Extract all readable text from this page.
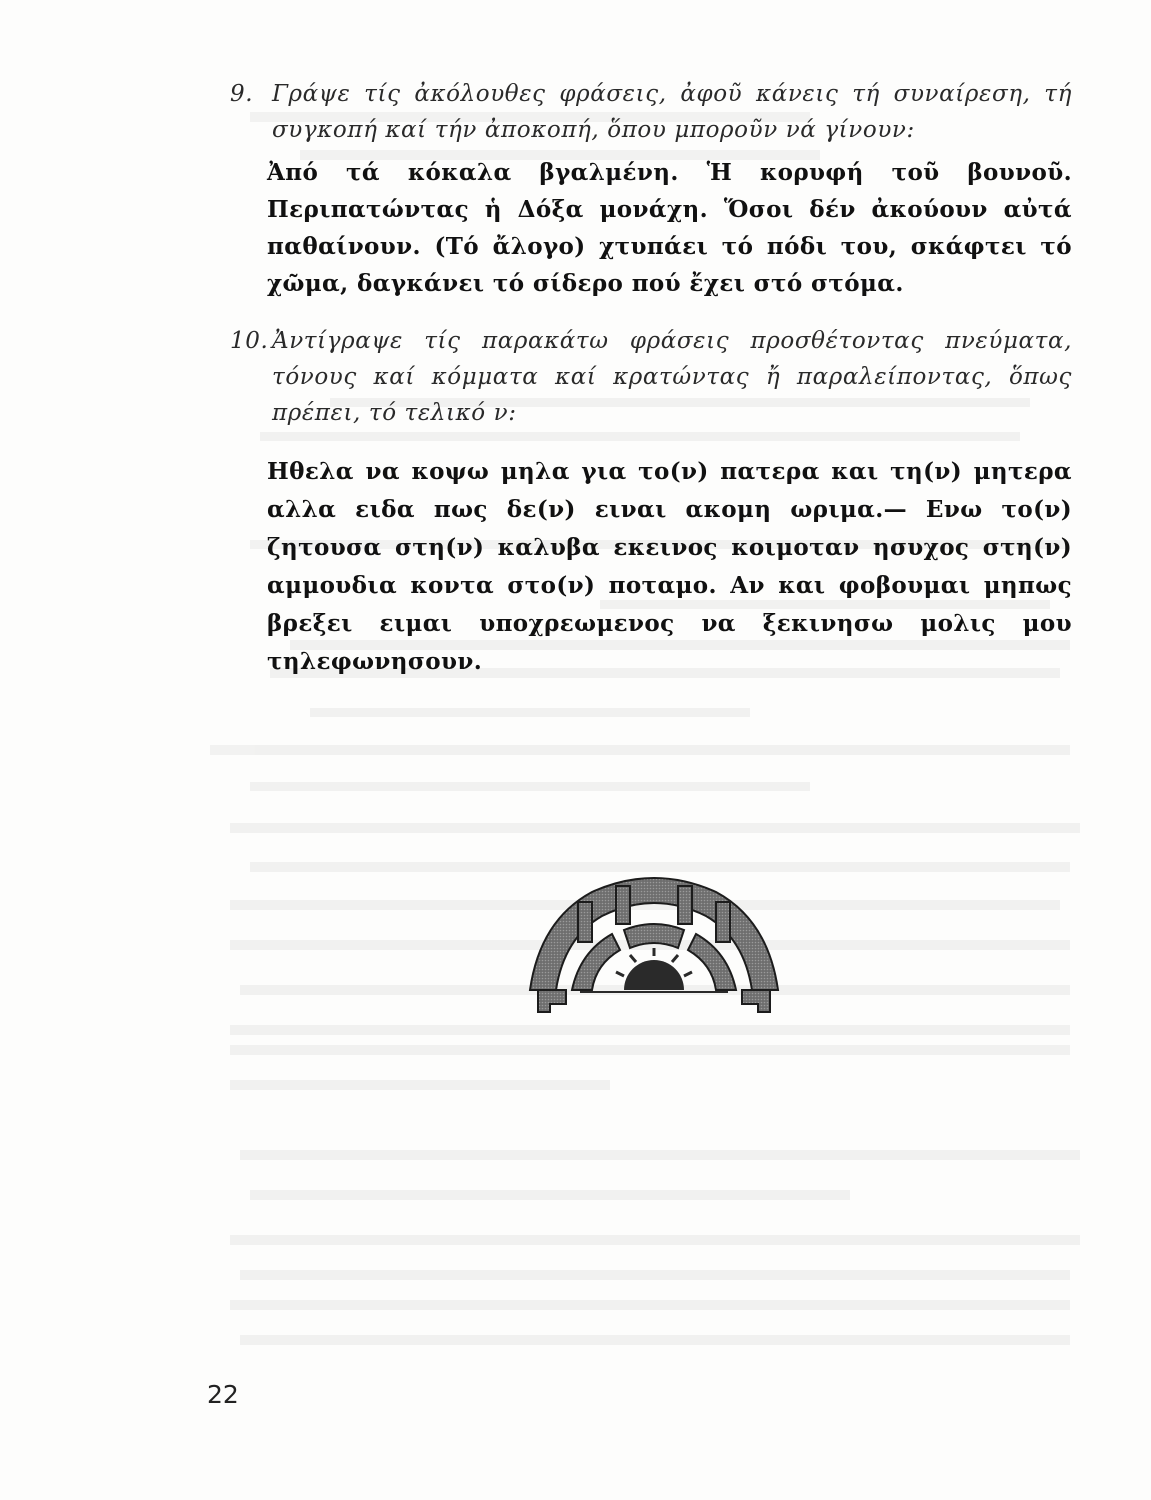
9. Γράψε τίς ἀκόλουθες φράσεις, ἀφοῦ κάνεις τή συναίρεση, τή συγκοπή καί τήν ἀποκοπή, ὅπου μποροῦν νά γίνουν:
Ἀπό τά κόκαλα βγαλμένη. Ἡ κορυφή τοῦ βουνοῦ. Περιπατώντας ἡ Δόξα μονάχη. Ὅσοι δέν ἀκούουν αὐτά παθαίνουν. (Τό ἄλογο) χτυπάει τό πόδι του, σκάφτει τό χῶμα, δαγκάνει τό σίδερο πού ἔχει στό στόμα.
10. Ἀντίγραψε τίς παρακάτω φράσεις προσθέτοντας πνεύματα, τόνους καί κόμματα καί κρατώντας ἤ παραλείποντας, ὅπως πρέπει, τό τελικό ν:
Ηθελα να κοψω μηλα για το(ν) πατερα και τη(ν) μητερα αλλα ειδα πως δε(ν) ειναι ακομη ωριμα.— Ενω το(ν) ζητουσα στη(ν) καλυβα εκεινος κοιμοταν ησυχος στη(ν) αμμουδια κοντα στο(ν) ποταμο. Αν και φοβουμαι μηπως βρεξει ειμαι υποχρεωμενος να ξεκινησω μολις μου τηλεφωνησουν.
22
